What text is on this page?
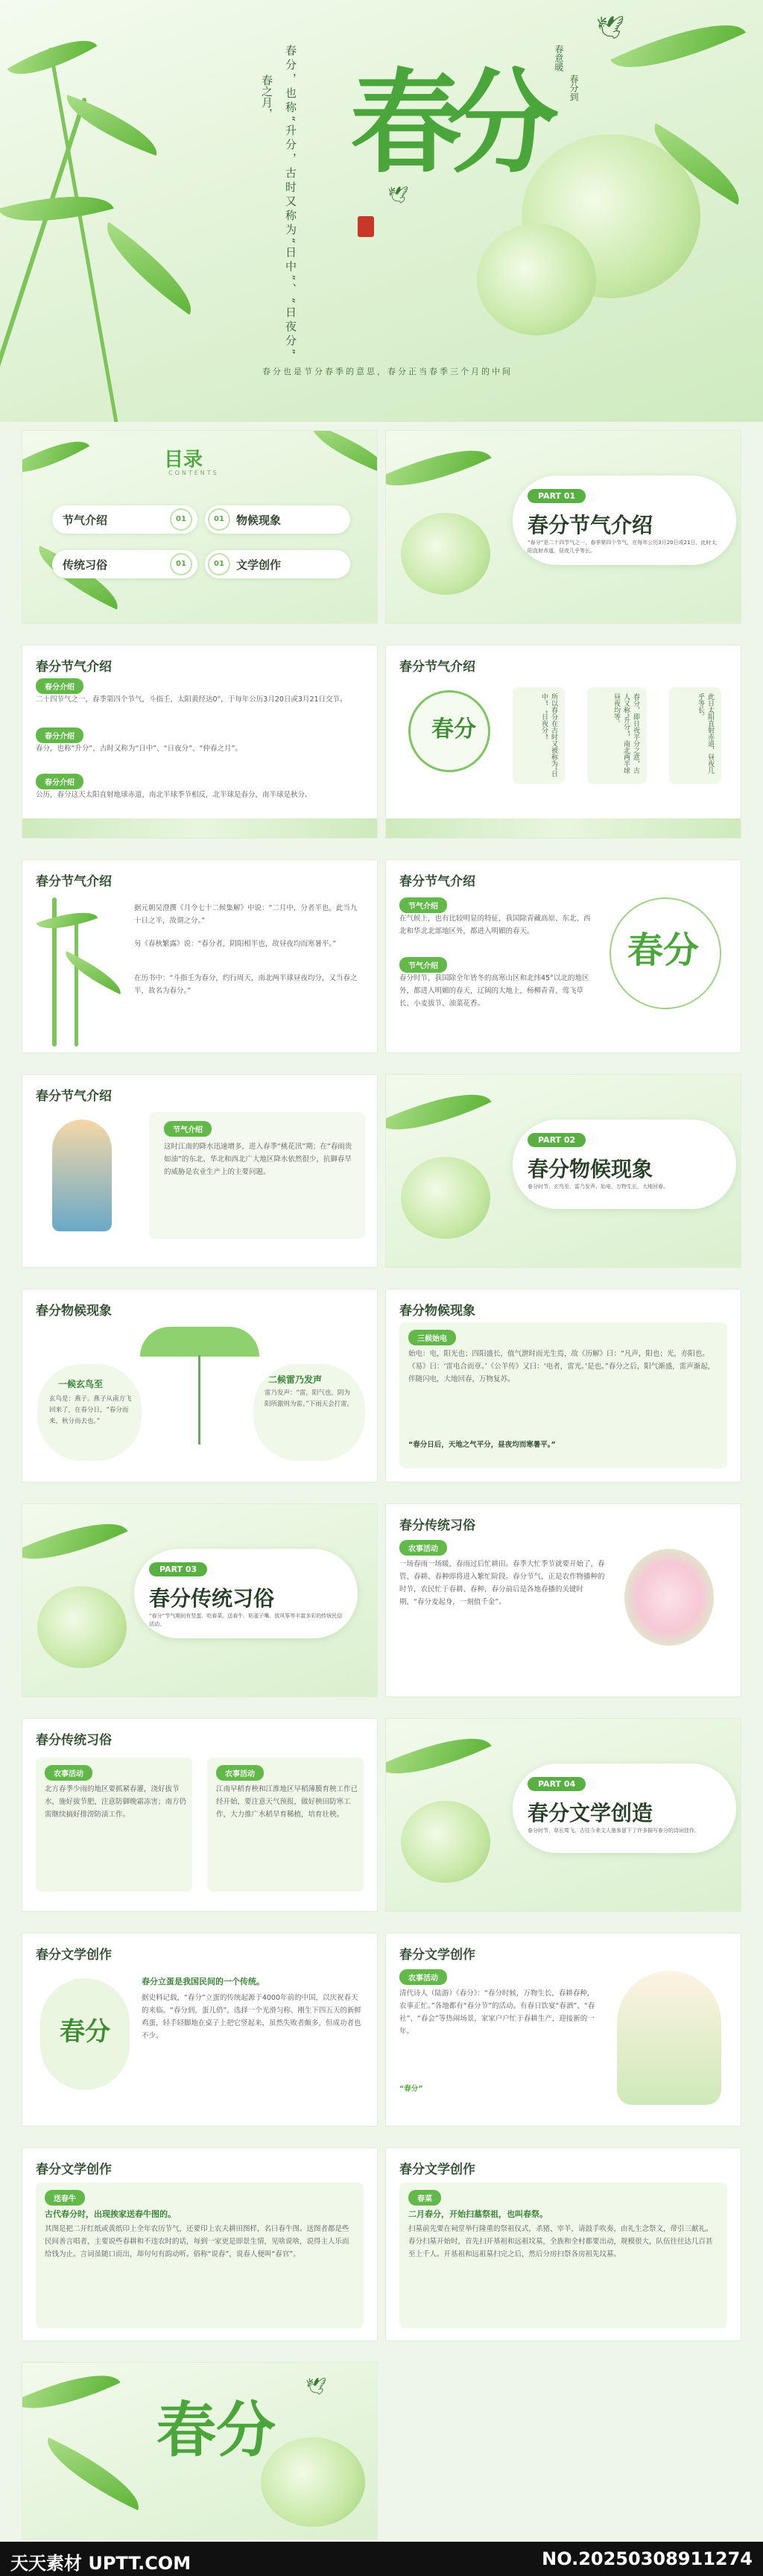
🕊
🕊
春分
春之月， 春分，也称“升分，古时又称为“日中”、“日夜分”	春意暖
春分到
春分也是节分春季的意思，春分正当春季三个月的中间
目录
CONTENTS
节气介绍	01	01	物候现象
传统习俗	01	01	文学创作
PART 01
春分节气介绍
“春分”是二十四节气之一，春季第四个节气，在每年公历3月20日或21日，此时太阳直射赤道，昼夜几乎等长。
春分节气介绍
春分介绍
二十四节气之一，春季第四个节气，斗指壬，太阳黄经达0°，于每年公历3月20日或3月21日交节。
春分介绍
春分，也称“升分”，古时又称为“日中”、“日夜分”、“仲春之月”。
春分介绍
公历，春分这天太阳直射地球赤道，南北半球季节相反，北半球是春分，南半球是秋分。
春分节气介绍
春分	所以春分在古时又被称为“日中”、“日夜分”。	春分，即日夜平分之意，古人又称“升分”，南北两半球昼夜均等。	此日太阳直射赤道，昼夜几乎等长。
春分节气介绍
据元朝吴澄撰《月令七十二候集解》中说：“二月中，分者半也，此当九十日之半，故谓之分。”
另《春秋繁露》说：“春分者，阴阳相半也，故昼夜均而寒暑平。”
在历书中：“斗指壬为春分，约行周天，南北两半球昼夜均分，又当春之半，故名为春分。”
春分节气介绍
节气介绍
在气候上，也有比较明显的特征，我国除青藏高原、东北、西北和华北北部地区外，都进入明媚的春天。
节气介绍
春分时节，我国除全年皆冬的高寒山区和北纬45°以北的地区外，都进入明媚的春天，辽阔的大地上，杨柳青青、莺飞草长、小麦拔节、油菜花香。
春分
春分节气介绍
节气介绍
这时江南的降水迅速增多，进入春季“桃花汛”期；在“春雨贵如油”的东北、华北和西北广大地区降水依然很少，抗御春旱的威胁是农业生产上的主要问题。
PART 02
春分物候现象
春分时节，玄鸟至、雷乃发声、始电，万物生长，大地回春。
春分物候现象
一候玄鸟至
玄鸟是：燕子。燕子从南方飞回来了，在春分日，“春分而来，秋分而去也。”
二候雷乃发声
雷乃发声：“雷，阳气也，阴为阳所激则为雷。”下雨天会打雷。
春分物候现象
三候始电
始电：电，阳光也；四阳盛长，值气泄时而光生焉，故《历解》曰：“凡声，阳也；光，亦阳也。《易》曰：‘雷电合而章。’《公羊传》又曰：‘电者，雷光。’是也。”春分之后，阳气渐盛，雷声渐起，伴随闪电，大地回春，万物复苏。
“春分日后，天地之气平分，昼夜均而寒暑平。”
PART 03
春分传统习俗
“春分”节气期间有竖蛋、吃春菜、送春牛、粘雀子嘴、放风筝等丰富多彩的传统民俗活动。
春分传统习俗
农事活动
一场春雨一场暖，春雨过后忙耕田。春季大忙季节就要开始了，春管、春耕、春种即将进入繁忙阶段。春分节气，正是农作物播种的时节，农民忙于春耕、春种，春分前后是各地春播的关键时期，“春分麦起身，一刻值千金”。
春分传统习俗
农事活动
北方春季少雨的地区要抓紧春灌，浇好拔节水，施好拔节肥，注意防御晚霜冻害；南方仍需继续搞好排涝防渍工作。
农事活动
江南早稻育秧和江淮地区早稻薄膜育秧工作已经开始，要注意天气预报，做好秧田防寒工作，大力推广水稻旱育稀植，培育壮秧。
PART 04
春分文学创造
春分时节，草长莺飞，古往今来文人墨客留下了许多描写春分的诗词佳作。
春分文学创作
春分
春分立蛋是我国民间的一个传统。
据史料记载，“春分”立蛋的传统起源于4000年前的中国，以庆祝春天的来临。“春分到，蛋儿俏”，选择一个光滑匀称、刚生下四五天的新鲜鸡蛋，轻手轻脚地在桌子上把它竖起来，虽然失败者颇多，但成功者也不少。
春分文学创作
农事活动
清代诗人（陆游）《春分》：“春分时候，万物生长，春耕春种，农事正忙。”各地都有“春分节”的活动。有春日饮宴“春酒”、“春社”、“春会”等热闹场景，家家户户忙于春耕生产，迎接新的一年。
“春分”
春分文学创作
送春牛
古代春分时，出现挨家送春牛图的。
其图是把二开红纸或黄纸印上全年农历节气，还要印上农夫耕田图样，名曰春牛图。送图者都是些民间善言唱者，主要说些春耕和不违农时的话，每到一家更是即景生情，见啥说啥，说得主人乐而给钱为止。言词虽随口而出，却句句有韵动听。俗称“说春”，说春人便叫“春官”。
春分文学创作
春菜
二月春分，开始扫墓祭祖，也叫春祭。
扫墓前先要在祠堂举行隆重的祭祖仪式，杀猪、宰羊，请鼓手吹奏，由礼生念祭文，带引三献礼。春分扫墓开始时，首先扫开基祖和远祖坟墓，全族和全村都要出动，规模很大，队伍往往达几百甚至上千人。开基祖和远祖墓扫完之后，然后分房扫祭各房祖先坟墓。
春分
🕊
天天素材 UPTT.COM	NO.20250308911274
